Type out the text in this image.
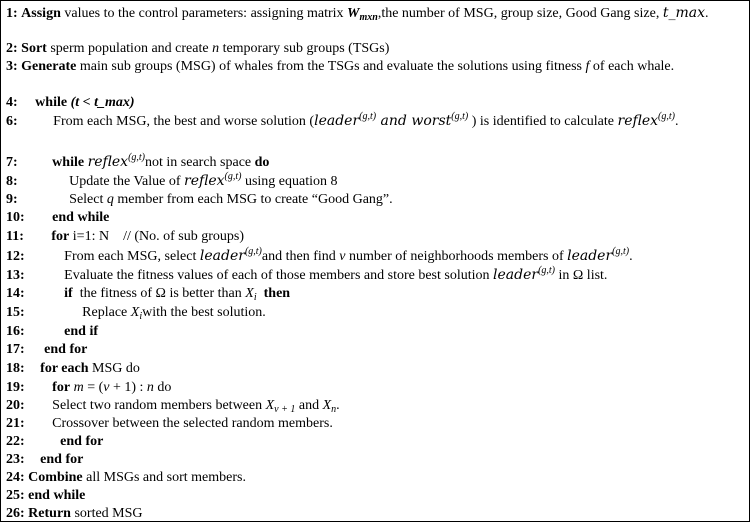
1: Assign values to the control parameters: assigning matrix $W_{mxn},the$ number of MSG, group size, Good Gang size, t_max.
2: Sort sperm population and create n temporary sub groups (TSGs)
3: Generate main sub groups (MSG) of whales from the TSGs and evaluate the solutions using fitness f of each whale.
4: while (t < t_max)
6:	From each MSG, the best and worse solution (leader$^{(g,t)}$ and worst$^{(g,t)}$ ) is identified to calculate reflex$^{(g,t)}$.
7: while reflex$^{(g,t)}$not in search space do
8:	Update the Value of reflex$^{(g,t)}$ using equation 8
9:	Select q member from each MSG to create “Good Gang”.
10: end while
11: for i=1: N    // (No. of sub groups)
12:	From each MSG, select leader$^{(g,t)}$and then find v number of neighborhoods members of leader$^{(g,t)}$.
13:	Evaluate the fitness values of each of those members and store best solution leader$^{(g,t)}$ in Ω list.
14:	if  the fitness of Ω is better than $X_i$ then
15:	Replace $X_iwith$ the best solution.
16:	end if
17: end for
18: for each MSG do
19: for m = (v + 1) : n do
20: Select two random members between $X_{v + 1}$ and $X_n$.
21: Crossover between the selected random members.
22:	end for
23: end for
24: Combine all MSGs and sort members.
25: end while
26: Return sorted MSG
